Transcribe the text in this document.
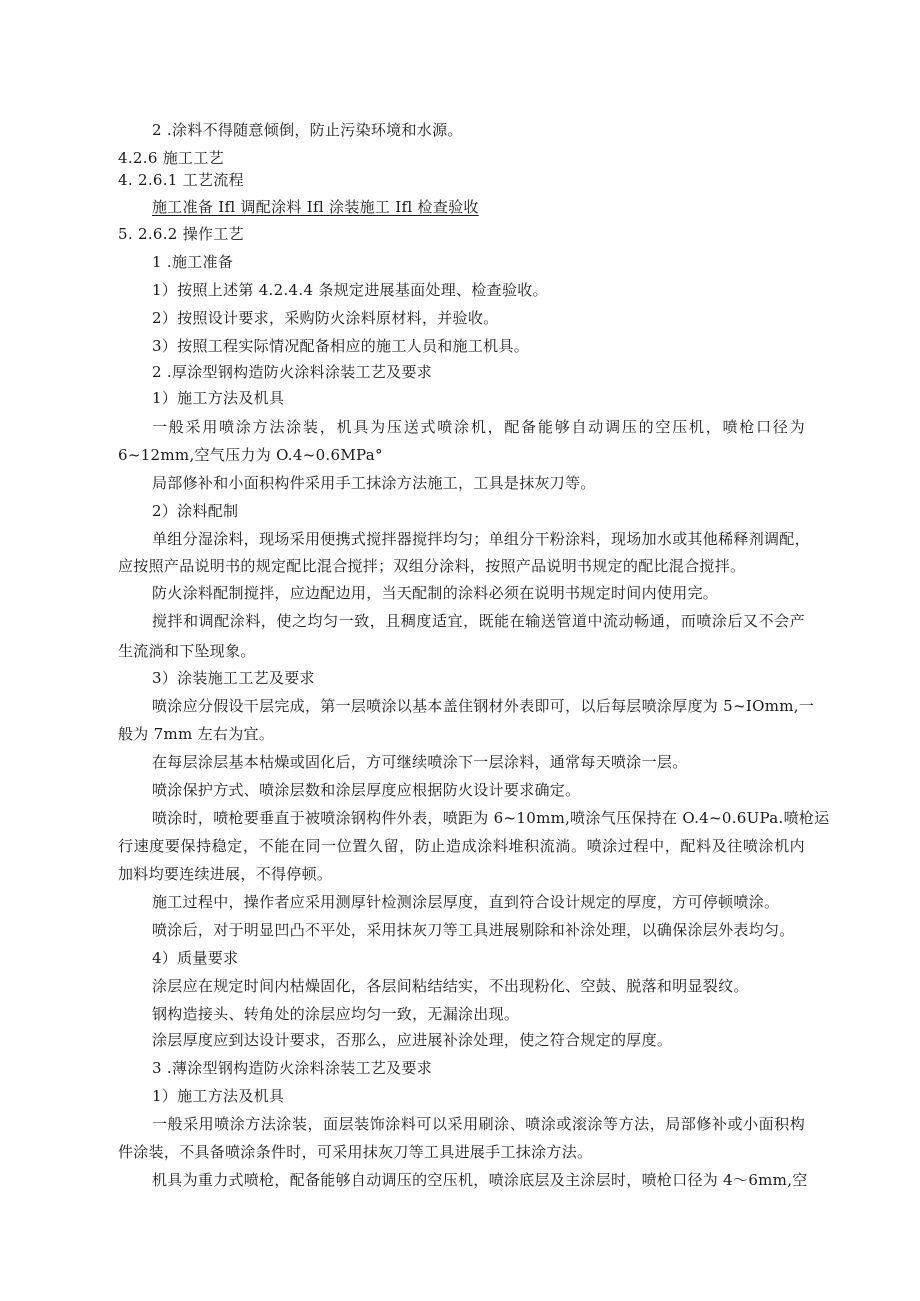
2 .涂料不得随意倾倒，防止污染环境和水源。
4.2.6 施工工艺
4. 2.6.1 工艺流程
施工准备 Ifl 调配涂料 Ifl 涂装施工 Ifl 检查验收
5. 2.6.2 操作工艺
1 .施工准备
1）按照上述第 4.2.4.4 条规定进展基面处理、检查验收。
2）按照设计要求，采购防火涂料原材料，并验收。
3）按照工程实际情况配备相应的施工人员和施工机具。
2 .厚涂型钢构造防火涂料涂装工艺及要求
1）施工方法及机具
一般采用喷涂方法涂装，机具为压送式喷涂机，配备能够自动调压的空压机，喷枪口径为
6~12mm,空气压力为 O.4~0.6MPa°
局部修补和小面积构件采用手工抹涂方法施工，工具是抹灰刀等。
2）涂料配制
单组分湿涂料，现场采用便携式搅拌器搅拌均匀；单组分干粉涂料，现场加水或其他稀释剂调配，
应按照产品说明书的规定配比混合搅拌；双组分涂料，按照产品说明书规定的配比混合搅拌。
防火涂料配制搅拌，应边配边用，当天配制的涂料必须在说明书规定时间内使用完。
搅拌和调配涂料，使之均匀一致，且稠度适宜，既能在输送管道中流动畅通，而喷涂后又不会产
生流淌和下坠现象。
3）涂装施工工艺及要求
喷涂应分假设干层完成，第一层喷涂以基本盖住钢材外表即可，以后每层喷涂厚度为 5~IOmm,一
般为 7mm 左右为宜。
在每层涂层基本枯燥或固化后，方可继续喷涂下一层涂料，通常每天喷涂一层。
喷涂保护方式、喷涂层数和涂层厚度应根据防火设计要求确定。
喷涂时，喷枪要垂直于被喷涂钢构件外表，喷距为 6~10mm,喷涂气压保持在 O.4~0.6UPa.喷枪运
行速度要保持稳定，不能在同一位置久留，防止造成涂料堆积流淌。喷涂过程中，配料及往喷涂机内
加料均要连续进展，不得停顿。
施工过程中，操作者应采用测厚针检测涂层厚度，直到符合设计规定的厚度，方可停顿喷涂。
喷涂后，对于明显凹凸不平处，采用抹灰刀等工具进展剔除和补涂处理，以确保涂层外表均匀。
4）质量要求
涂层应在规定时间内枯燥固化，各层间粘结结实，不出现粉化、空鼓、脱落和明显裂纹。
钢构造接头、转角处的涂层应均匀一致，无漏涂出现。
涂层厚度应到达设计要求，否那么，应进展补涂处理，使之符合规定的厚度。
3 .薄涂型钢构造防火涂料涂装工艺及要求
1）施工方法及机具
一般采用喷涂方法涂装，面层装饰涂料可以采用刷涂、喷涂或滚涂等方法，局部修补或小面积构
件涂装，不具备喷涂条件时，可采用抹灰刀等工具进展手工抹涂方法。
机具为重力式喷枪，配备能够自动调压的空压机，喷涂底层及主涂层时，喷枪口径为 4～6mm,空
